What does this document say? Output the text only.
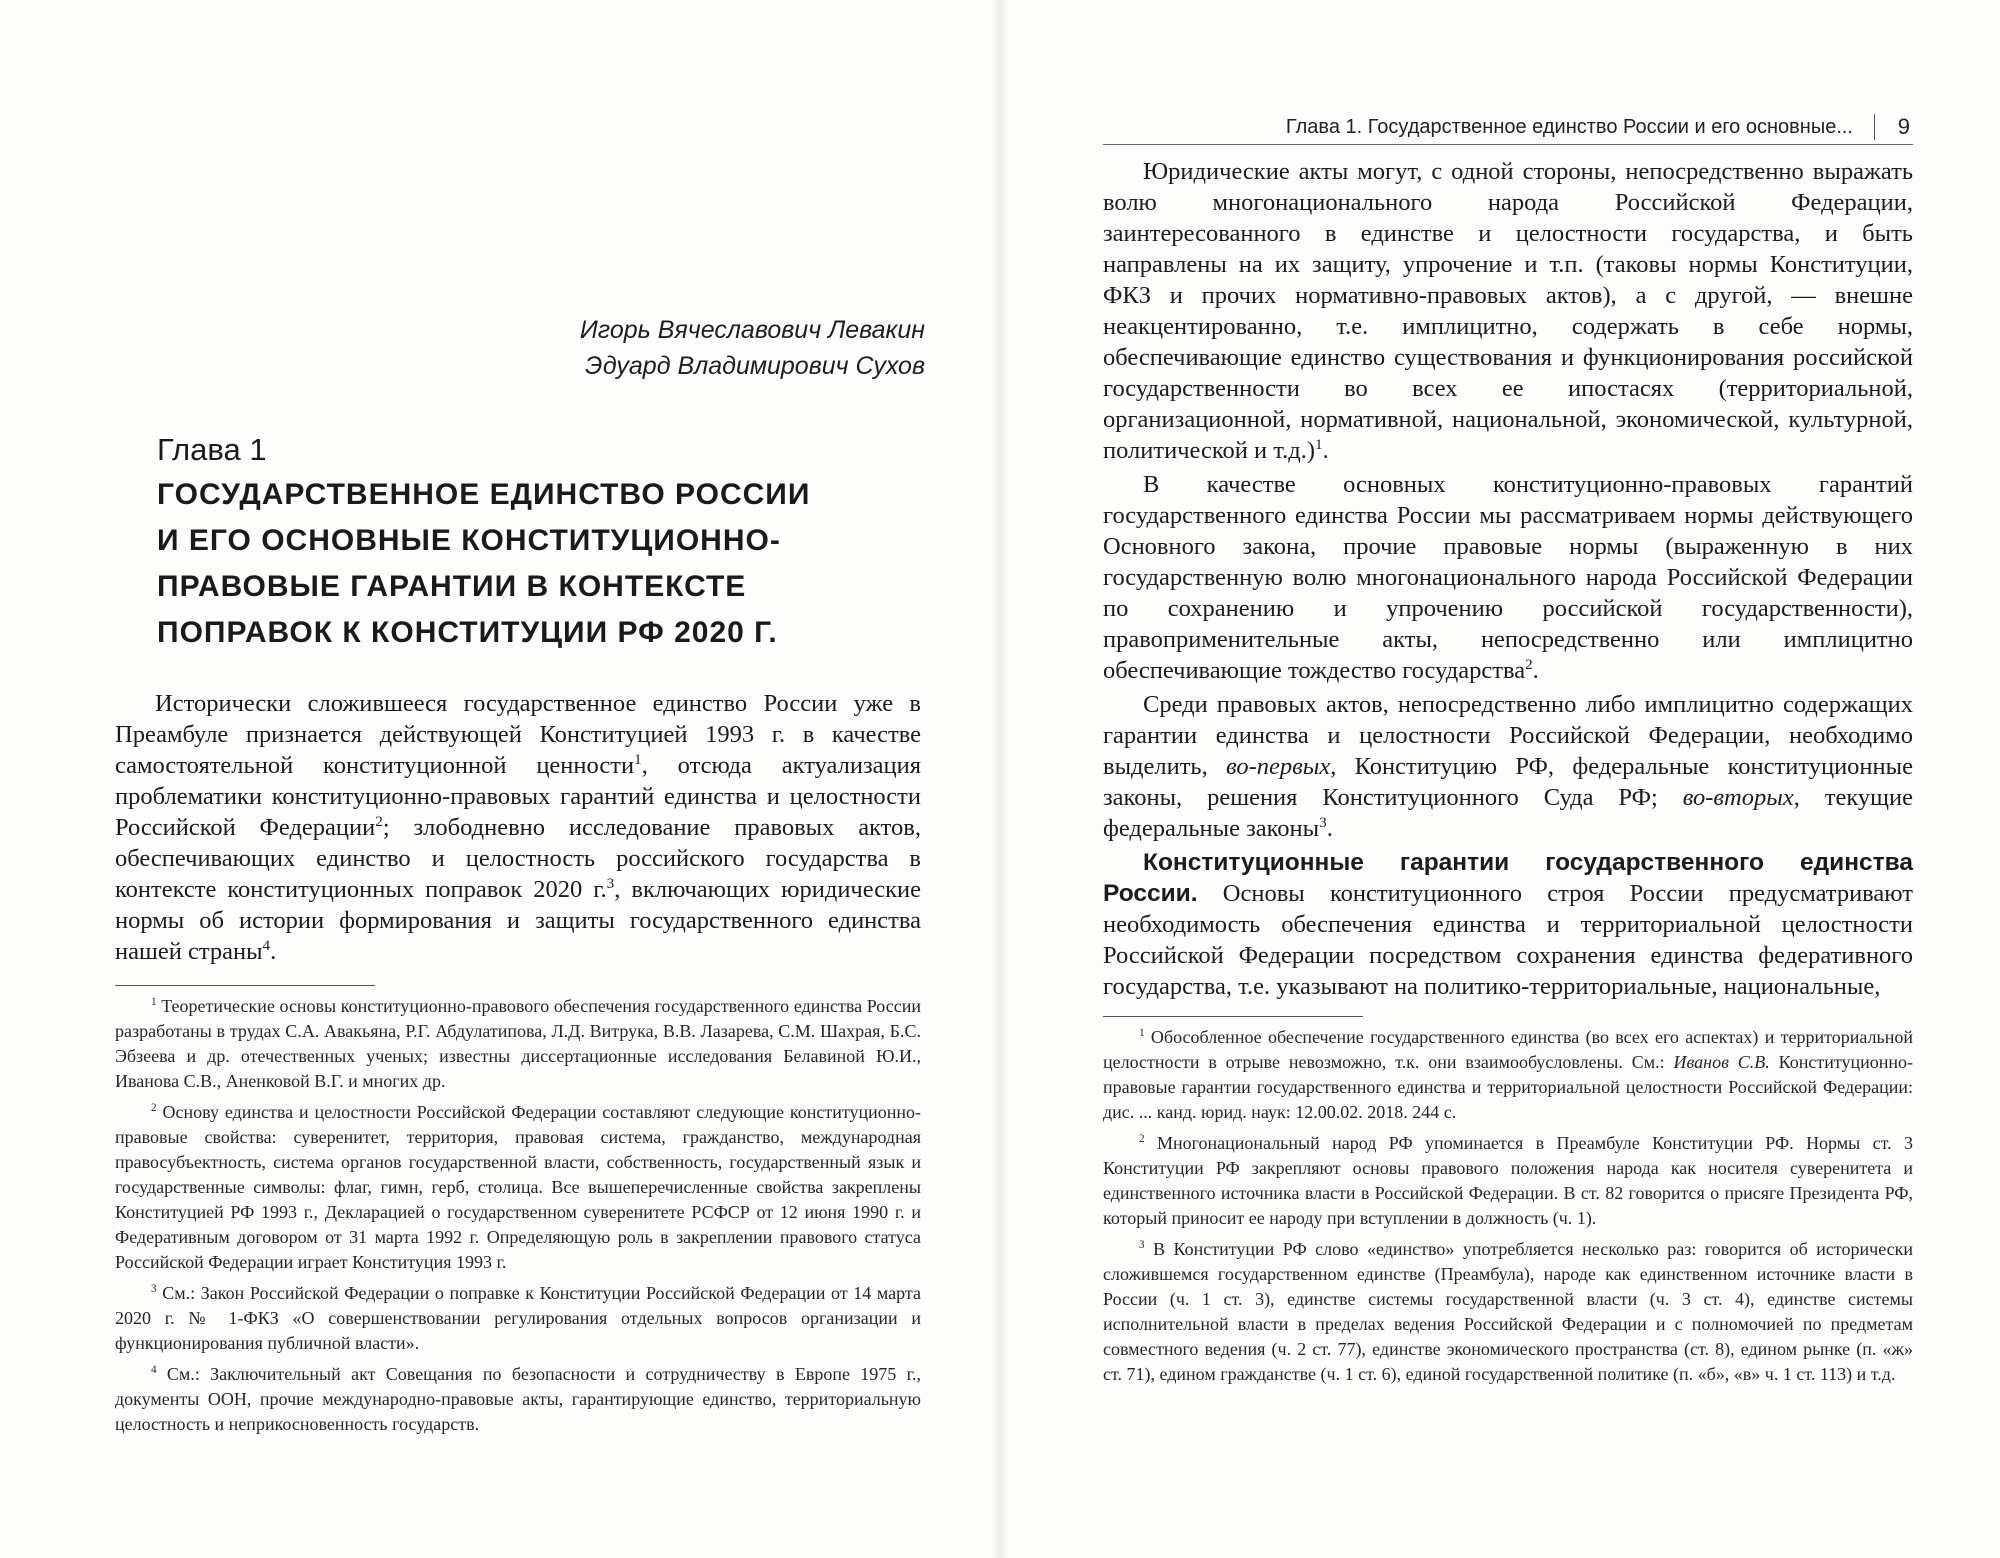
Игорь Вячеславович Левакин
Эдуард Владимирович Сухов
Глава 1
ГОСУДАРСТВЕННОЕ ЕДИНСТВО РОССИИ
И ЕГО ОСНОВНЫЕ КОНСТИТУЦИОННО-
ПРАВОВЫЕ ГАРАНТИИ В КОНТЕКСТЕ
ПОПРАВОК К КОНСТИТУЦИИ РФ 2020 Г.

Исторически сложившееся государственное единство России уже в Преамбуле признается действующей Конституцией 1993 г. в качестве самостоятельной конституционной ценности$^1$, отсюда актуализация проблематики конституционно-правовых гарантий единства и целостности Российской Федерации$^2$; злободневно исследование правовых актов, обеспечивающих единство и целостность российского государства в контексте конституционных поправок 2020 г.$^3$, включающих юридические нормы об истории формирования и защиты государственного единства нашей страны$^4$.

$^1$ Теоретические основы конституционно-правового обеспечения государственного единства России разработаны в трудах С.А. Авакьяна, Р.Г. Абдулатипова, Л.Д. Витрука, В.В. Лазарева, С.М. Шахрая, Б.С. Эбзеева и др. отечественных ученых; известны диссертационные исследования Белавиной Ю.И., Иванова С.В., Аненковой В.Г. и многих др.

$^2$ Основу единства и целостности Российской Федерации составляют следующие конституционно-правовые свойства: суверенитет, территория, правовая система, гражданство, международная правосубъектность, система органов государственной власти, собственность, государственный язык и государственные символы: флаг, гимн, герб, столица. Все вышеперечисленные свойства закреплены Конституцией РФ 1993 г., Декларацией о государственном суверенитете РСФСР от 12 июня 1990 г. и Федеративным договором от 31 марта 1992 г. Определяющую роль в закреплении правового статуса Российской Федерации играет Конституция 1993 г.

$^3$ См.: Закон Российской Федерации о поправке к Конституции Российской Федерации от 14 марта 2020 г. № 1-ФКЗ «О совершенствовании регулирования отдельных вопросов организации и функционирования публичной власти».

$^4$ См.: Заключительный акт Совещания по безопасности и сотрудничеству в Европе 1975 г., документы ООН, прочие международно-правовые акты, гарантирующие единство, территориальную целостность и неприкосновенность государств.

Глава 1. Государственное единство России и его основные... 9

Юридические акты могут, с одной стороны, непосредственно выражать волю многонационального народа Российской Федерации, заинтересованного в единстве и целостности государства, и быть направлены на их защиту, упрочение и т.п. (таковы нормы Конституции, ФКЗ и прочих нормативно-правовых актов), а с другой, — внешне неакцентированно, т.е. имплицитно, содержать в себе нормы, обеспечивающие единство существования и функционирования российской государственности во всех ее ипостасях (территориальной, организационной, нормативной, национальной, экономической, культурной, политической и т.д.)$^1$.

В качестве основных конституционно-правовых гарантий государственного единства России мы рассматриваем нормы действующего Основного закона, прочие правовые нормы (выраженную в них государственную волю многонационального народа Российской Федерации по сохранению и упрочению российской государственности), правоприменительные акты, непосредственно или имплицитно обеспечивающие тождество государства$^2$.

Среди правовых актов, непосредственно либо имплицитно содержащих гарантии единства и целостности Российской Федерации, необходимо выделить, во-первых, Конституцию РФ, федеральные конституционные законы, решения Конституционного Суда РФ; во-вторых, текущие федеральные законы$^3$.

Конституционные гарантии государственного единства России. Основы конституционного строя России предусматривают необходимость обеспечения единства и территориальной целостности Российской Федерации посредством сохранения единства федеративного государства, т.е. указывают на политико-территориальные, национальные,

$^1$ Обособленное обеспечение государственного единства (во всех его аспектах) и территориальной целостности в отрыве невозможно, т.к. они взаимообусловлены. См.: Иванов С.В. Конституционно-правовые гарантии государственного единства и территориальной целостности Российской Федерации: дис. ... канд. юрид. наук: 12.00.02. 2018. 244 с.

$^2$ Многонациональный народ РФ упоминается в Преамбуле Конституции РФ. Нормы ст. 3 Конституции РФ закрепляют основы правового положения народа как носителя суверенитета и единственного источника власти в Российской Федерации. В ст. 82 говорится о присяге Президента РФ, который приносит ее народу при вступлении в должность (ч. 1).

$^3$ В Конституции РФ слово «единство» употребляется несколько раз: говорится об исторически сложившемся государственном единстве (Преамбула), народе как единственном источнике власти в России (ч. 1 ст. 3), единстве системы государственной власти (ч. 3 ст. 4), единстве системы исполнительной власти в пределах ведения Российской Федерации и с полномочией по предметам совместного ведения (ч. 2 ст. 77), единстве экономического пространства (ст. 8), едином рынке (п. «ж» ст. 71), едином гражданстве (ч. 1 ст. 6), единой государственной политике (п. «б», «в» ч. 1 ст. 113) и т.д.
